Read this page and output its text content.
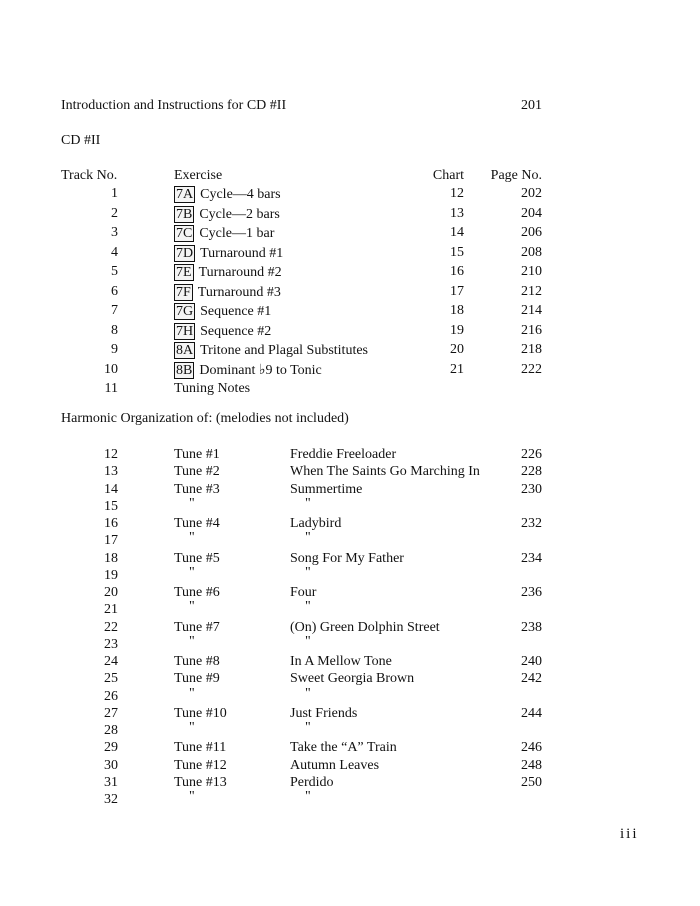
Introduction and Instructions for CD #II	201
CD #II
Track No.	Exercise	Chart	Page No.
1	7A Cycle—4 bars	12	202
2	7B Cycle—2 bars	13	204
3	7C Cycle—1 bar	14	206
4	7D Turnaround #1	15	208
5	7E Turnaround #2	16	210
6	7F Turnaround #3	17	212
7	7G Sequence #1	18	214
8	7H Sequence #2	19	216
9	8A Tritone and Plagal Substitutes	20	218
10	8B Dominant ♭9 to Tonic	21	222
11	Tuning Notes
Harmonic Organization of: (melodies not included)
12	Tune #1	Freddie Freeloader	226
13	Tune #2	When The Saints Go Marching In	228
14	Tune #3	Summertime	230
15	"	"
16	Tune #4	Ladybird	232
17	"	"
18	Tune #5	Song For My Father	234
19	"	"
20	Tune #6	Four	236
21	"	"
22	Tune #7	(On) Green Dolphin Street	238
23	"	"
24	Tune #8	In A Mellow Tone	240
25	Tune #9	Sweet Georgia Brown	242
26	"	"
27	Tune #10	Just Friends	244
28	"	"
29	Tune #11	Take the “A” Train	246
30	Tune #12	Autumn Leaves	248
31	Tune #13	Perdido	250
32	"	"
iii
